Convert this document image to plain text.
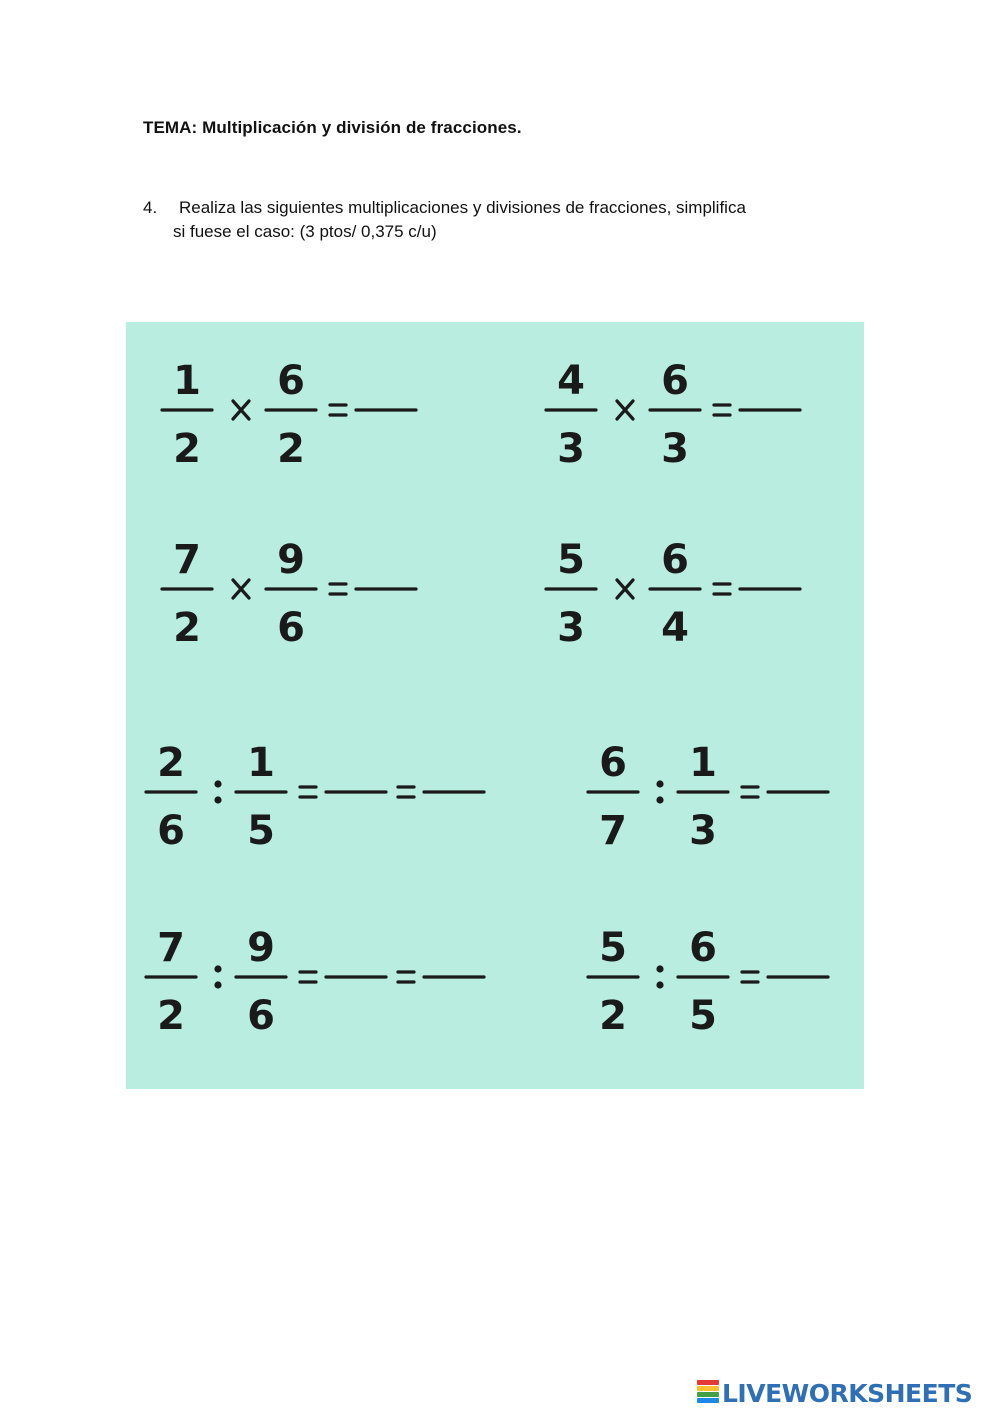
TEMA: Multiplicación y división de fracciones.
4. Realiza las siguientes multiplicaciones y divisiones de fracciones, simplifica
si fuese el caso: (3 ptos/ 0,375 c/u)
1
2
6
2
4
3
6
3
7
2
9
6
5
3
6
4
2
6
1
5
6
7
1
3
7
2
9
6
5
2
6
5
LIVEWORKSHEETS
